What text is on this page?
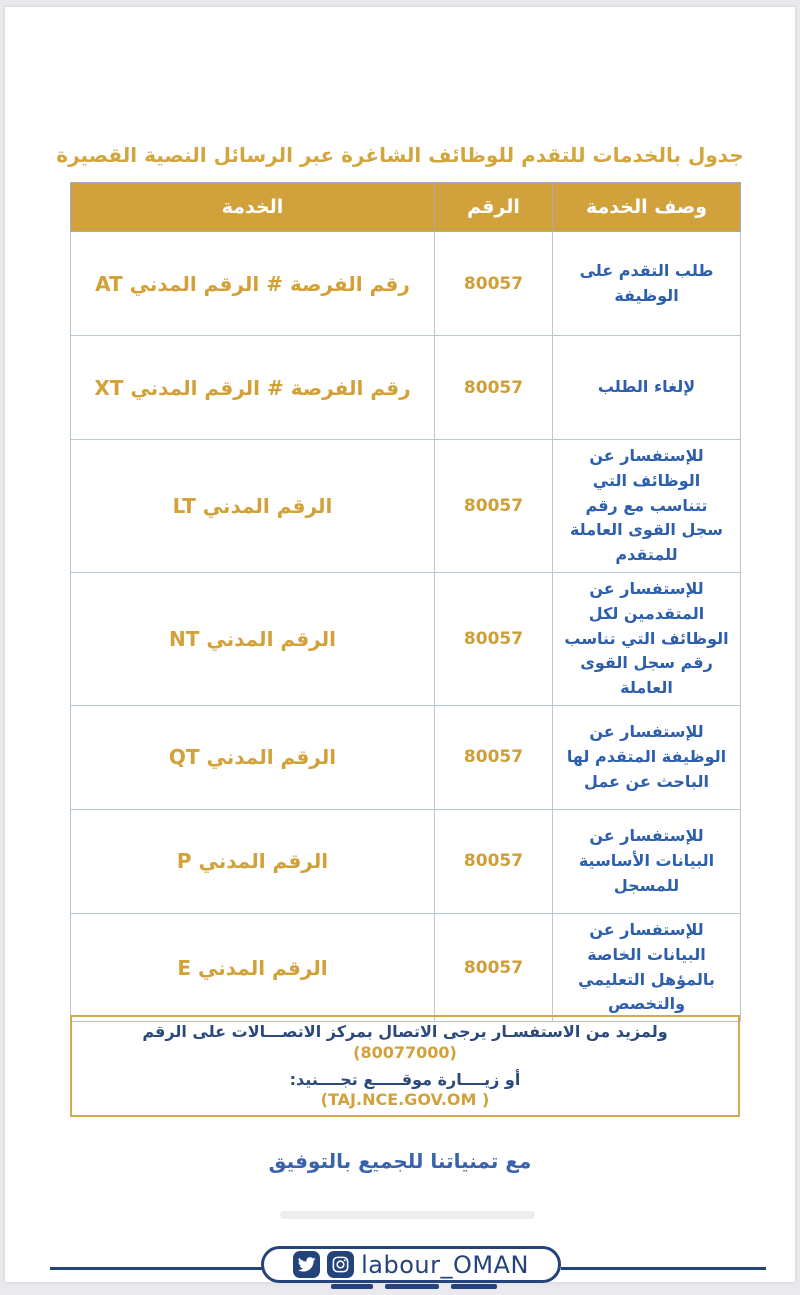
جدول بالخدمات للتقدم للوظائف الشاغرة عبر الرسائل النصية القصيرة
وصف الخدمة	الرقم	الخدمة
طلب التقدم على الوظيفة	80057	رقم الفرصة # الرقم المدني AT
لإلغاء الطلب	80057	رقم الفرصة # الرقم المدني XT
للإستفسار عن الوظائف التي تتناسب مع رقم سجل القوى العاملة للمتقدم	80057	الرقم المدني LT
للإستفسار عن المتقدمين لكل الوظائف التي تناسب رقم سجل القوى العاملة	80057	الرقم المدني NT
للإستفسار عن الوظيفة المتقدم لها الباحث عن عمل	80057	الرقم المدني QT
للإستفسار عن البيانات الأساسية للمسجل	80057	الرقم المدني P
للإستفسار عن البيانات الخاصة بالمؤهل التعليمي والتخصص	80057	الرقم المدني E
ولمزيد من الاستفسـار يرجى الاتصال بمركز الاتصـــالات على الرقم
(80077000)
أو زيــــارة موقـــــع تجــــنيد:
(TAJ.NCE.GOV.OM )
مع تمنياتنا للجميع بالتوفيق
labour_OMAN
